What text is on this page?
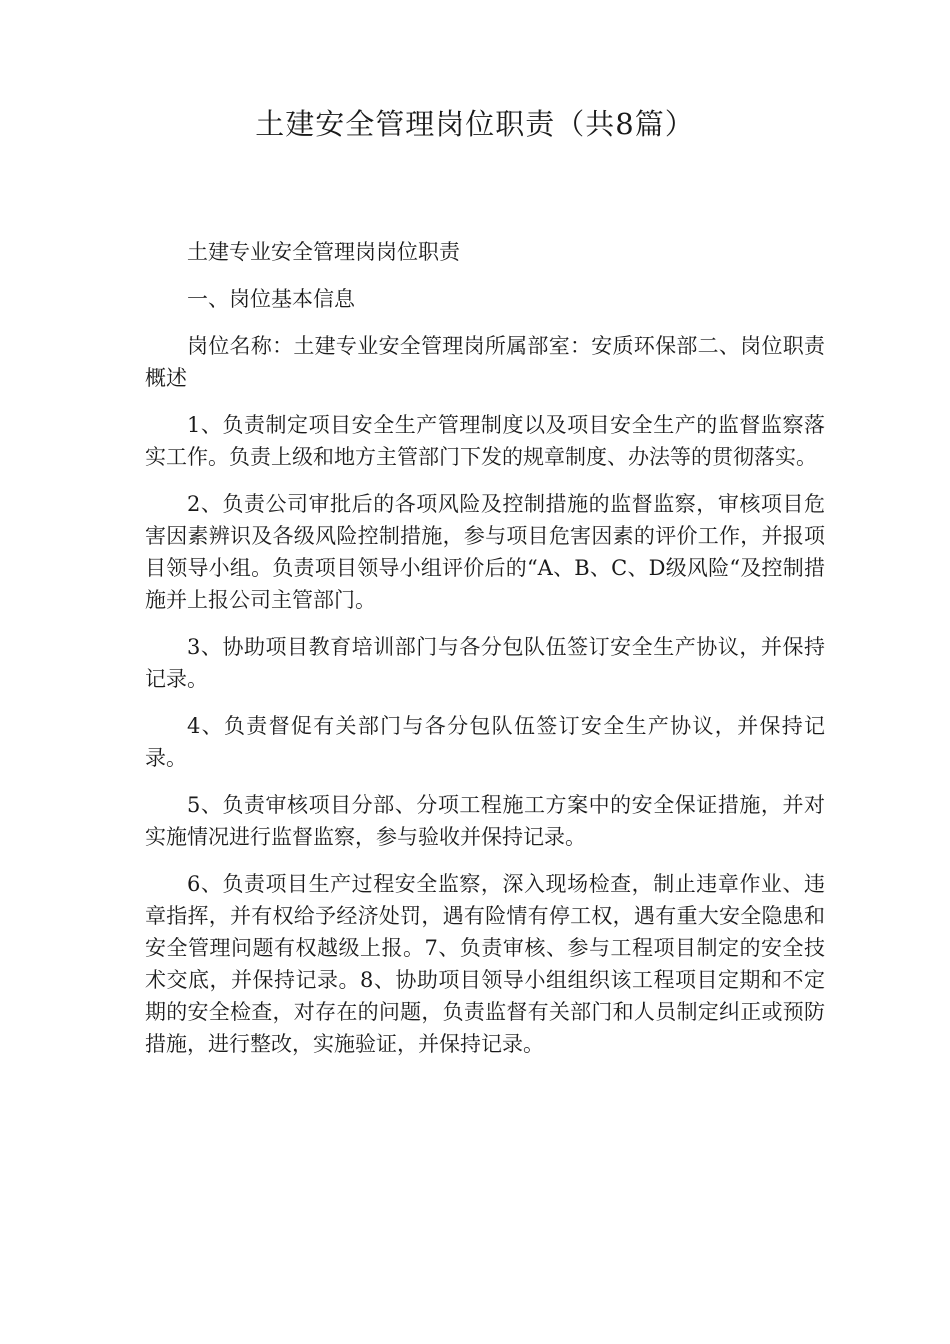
土建安全管理岗位职责（共8篇）

土建专业安全管理岗岗位职责

一、岗位基本信息

岗位名称：土建专业安全管理岗所属部室：安质环保部二、岗位职责概述

1、负责制定项目安全生产管理制度以及项目安全生产的监督监察落实工作。负责上级和地方主管部门下发的规章制度、办法等的贯彻落实。

2、负责公司审批后的各项风险及控制措施的监督监察，审核项目危害因素辨识及各级风险控制措施，参与项目危害因素的评价工作，并报项目领导小组。负责项目领导小组评价后的“A、B、C、D级风险“及控制措施并上报公司主管部门。

3、协助项目教育培训部门与各分包队伍签订安全生产协议，并保持记录。

4、负责督促有关部门与各分包队伍签订安全生产协议，并保持记录。

5、负责审核项目分部、分项工程施工方案中的安全保证措施，并对实施情况进行监督监察，参与验收并保持记录。

6、负责项目生产过程安全监察，深入现场检查，制止违章作业、违章指挥，并有权给予经济处罚，遇有险情有停工权，遇有重大安全隐患和安全管理问题有权越级上报。7、负责审核、参与工程项目制定的安全技术交底，并保持记录。8、协助项目领导小组组织该工程项目定期和不定期的安全检查，对存在的问题，负责监督有关部门和人员制定纠正或预防措施，进行整改，实施验证，并保持记录。
